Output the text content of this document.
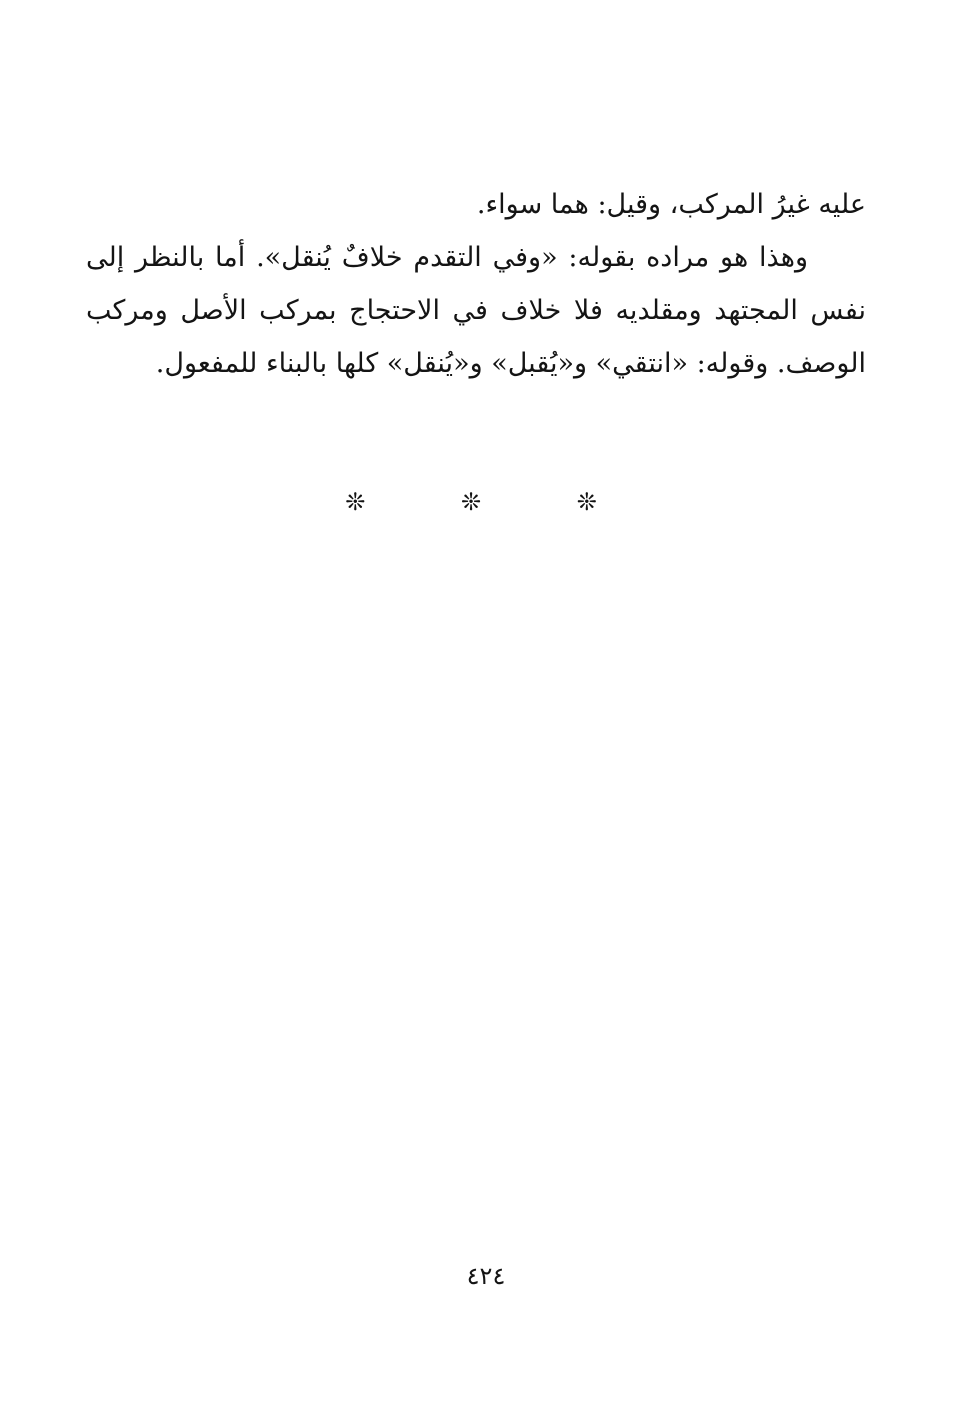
عليه غيرُ المركب، وقيل: هما سواء.
وهذا هو مراده بقوله: «وفي التقدم خلافٌ يُنقل». أما بالنظر إلى
نفس المجتهد ومقلديه فلا خلاف في الاحتجاج بمركب الأصل ومركب
الوصف. وقوله: «انتقي» و«يُقبل» و«يُنقل» كلها بالبناء للمفعول.
❊	❊	❊
٤٢٤
